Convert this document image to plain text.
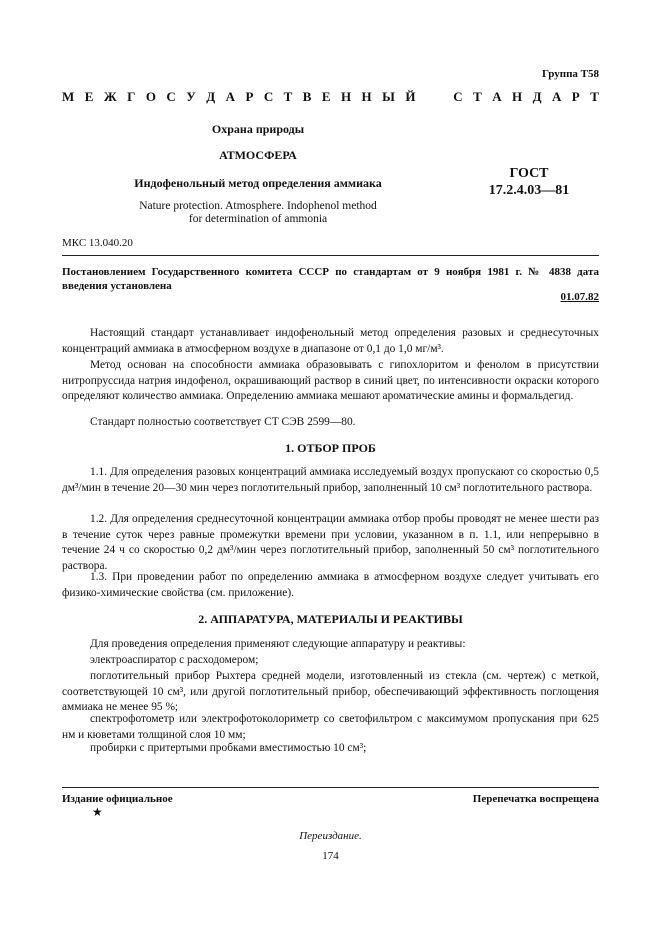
Группа Т58
М Е Ж Г О С У Д А Р С Т В Е Н Н Ы Й

	С Т А Н Д А Р Т
Охрана природы
АТМОСФЕРА
Индофенольный метод определения аммиака
Nature protection. Atmosphere. Indophenol method
for determination of ammonia
ГОСТ
17.2.4.03—81
МКС 13.040.20
Постановлением Государственного комитета СССР по стандартам от 9 ноября 1981 г. № 4838 дата введения установлена
01.07.82
Настоящий стандарт устанавливает индофенольный метод определения разовых и среднесуточных концентраций аммиака в атмосферном воздухе в диапазоне от 0,1 до 1,0 мг/м³.
Метод основан на способности аммиака образовывать с гипохлоритом и фенолом в присутствии нитропруссида натрия индофенол, окрашивающий раствор в синий цвет, по интенсивности окраски которого определяют количество аммиака. Определению аммиака мешают ароматические амины и формальдегид.
Стандарт полностью соответствует СТ СЭВ 2599—80.
1. ОТБОР ПРОБ
1.1. Для определения разовых концентраций аммиака исследуемый воздух пропускают со скоростью 0,5 дм³/мин в течение 20—30 мин через поглотительный прибор, заполненный 10 см³ поглотительного раствора.
1.2. Для определения среднесуточной концентрации аммиака отбор пробы проводят не менее шести раз в течение суток через равные промежутки времени при условии, указанном в п. 1.1, или непрерывно в течение 24 ч со скоростью 0,2 дм³/мин через поглотительный прибор, заполненный 50 см³ поглотительного раствора.
1.3. При проведении работ по определению аммиака в атмосферном воздухе следует учитывать его физико-химические свойства (см. приложение).
2. АППАРАТУРА, МАТЕРИАЛЫ И РЕАКТИВЫ
Для проведения определения применяют следующие аппаратуру и реактивы:
электроаспиратор с расходомером;
поглотительный прибор Рыхтера средней модели, изготовленный из стекла (см. чертеж) с меткой, соответствующей 10 см³, или другой поглотительный прибор, обеспечивающий эффективность поглощения аммиака не менее 95 %;
спектрофотометр или электрофотоколориметр со светофильтром с максимумом пропускания при 625 нм и кюветами толщиной слоя 10 мм;
пробирки с притертыми пробками вместимостью 10 см³;
Издание официальное	Перепечатка воспрещена
★
Переиздание.
174
